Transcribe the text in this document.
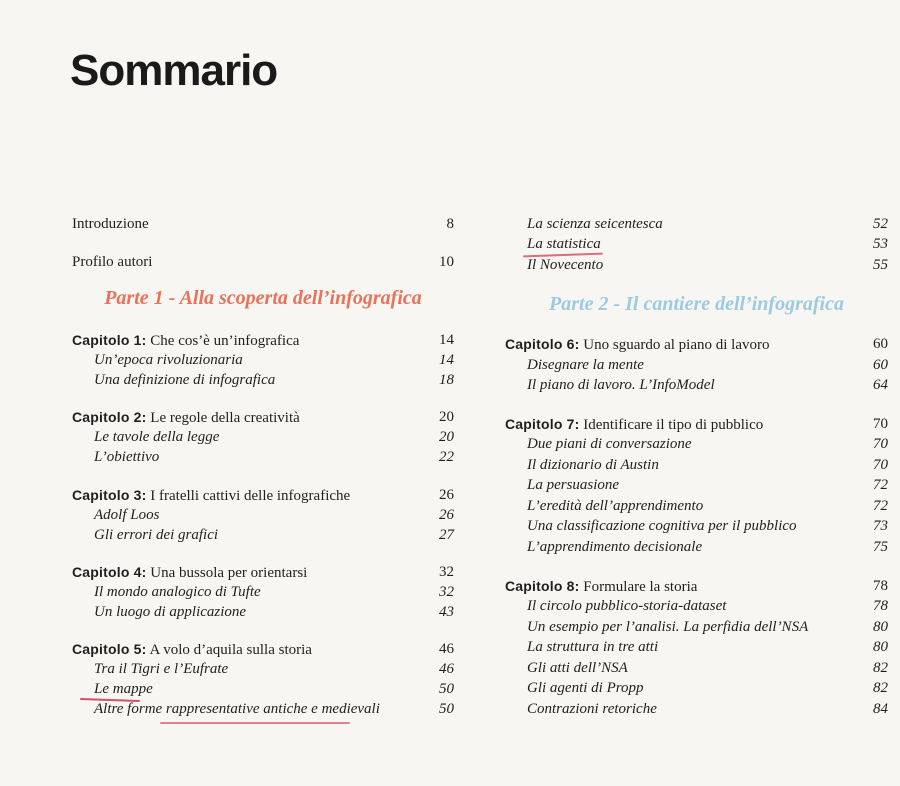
Sommario
Introduzione	8
Profilo autori	10
Parte 1 - Alla scoperta dell’infografica
Capitolo 1: Che cos’è un’infografica	14
Un’epoca rivoluzionaria	14
Una definizione di infografica	18
Capitolo 2: Le regole della creatività	20
Le tavole della legge	20
L’obiettivo	22
Capitolo 3: I fratelli cattivi delle infografiche	26
Adolf Loos	26
Gli errori dei grafici	27
Capitolo 4: Una bussola per orientarsi	32
Il mondo analogico di Tufte	32
Un luogo di applicazione	43
Capitolo 5: A volo d’aquila sulla storia	46
Tra il Tigri e l’Eufrate	46
Le mappe	50
Altre forme rappresentative antiche e medievali	50
La scienza seicentesca	52
La statistica	53
Il Novecento	55
Parte 2 - Il cantiere dell’infografica
Capitolo 6: Uno sguardo al piano di lavoro	60
Disegnare la mente	60
Il piano di lavoro. L’InfoModel	64
Capitolo 7: Identificare il tipo di pubblico	70
Due piani di conversazione	70
Il dizionario di Austin	70
La persuasione	72
L’eredità dell’apprendimento	72
Una classificazione cognitiva per il pubblico	73
L’apprendimento decisionale	75
Capitolo 8: Formulare la storia	78
Il circolo pubblico-storia-dataset	78
Un esempio per l’analisi. La perfidia dell’NSA	80
La struttura in tre atti	80
Gli atti dell’NSA	82
Gli agenti di Propp	82
Contrazioni retoriche	84
